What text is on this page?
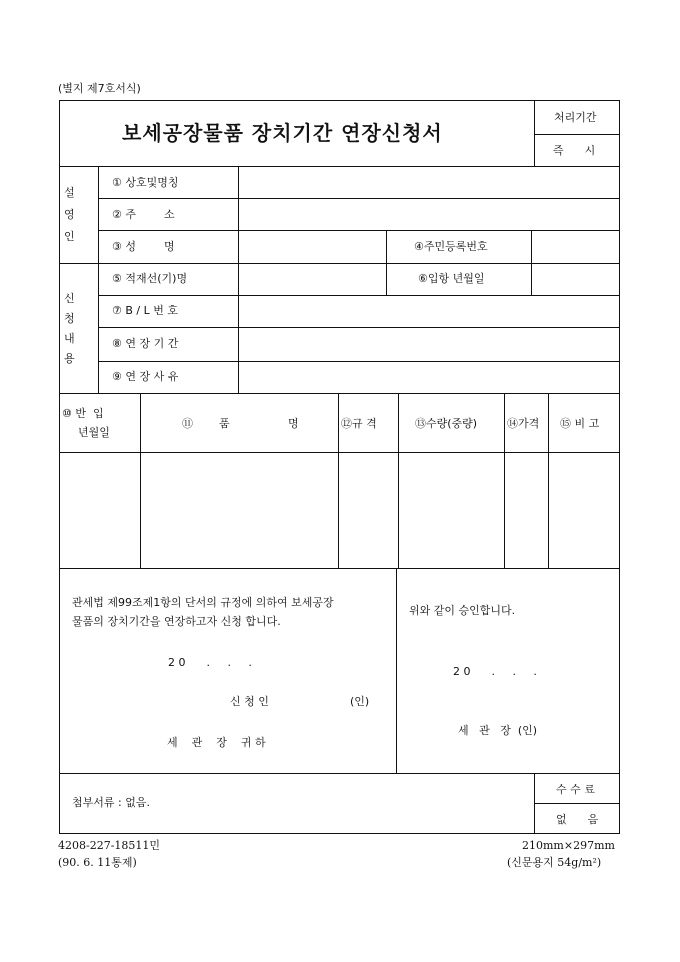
(별지 제7호서식)
보세공장물품 장치기간 연장신청서
처리기간
즉      시
설
영
인
① 상호및명칭
② 주        소
③ 성        명	④주민등록번호
신
청
내
용
⑤ 적재선(기)명	⑥입항 년월일
⑦ B / L 번 호
⑧ 연 장 기 간
⑨ 연 장 사 유
⑩ 반  입
년월일
⑪ 품	명	⑫규 격	⑬수량(중량)	⑭가격 ⑮ 비 고
관세법 제99조제1항의 단서의 규정에 의하여 보세공장
물품의 장치기간을 연장하고자 신청 합니다.
2 0      .     .     .
신 청 인	(인)
세    관    장    귀 하
위와 같이 승인합니다.
2 0      .     .     .
세   관   장  (인)
첨부서류 : 없음.
수 수 료
없      음
4208-227-18511민
(90. 6. 11통제)
210mm×297mm
(신문용지 54g/m²)
